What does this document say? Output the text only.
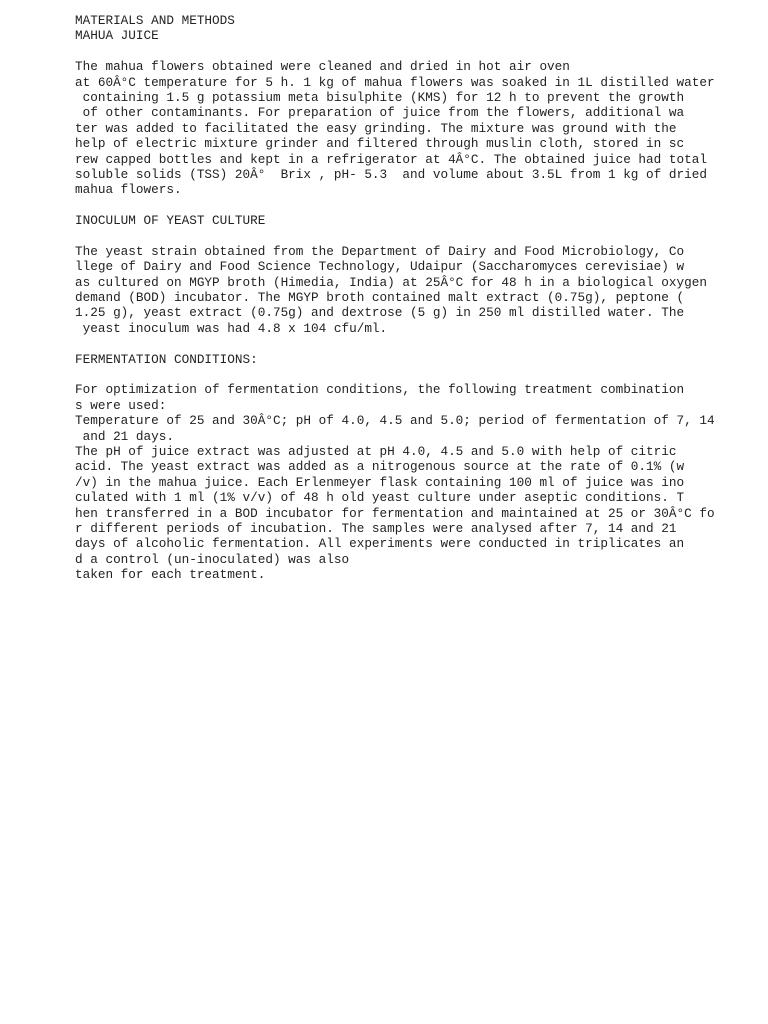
MATERIALS AND METHODS
MAHUA JUICE
The mahua flowers obtained were cleaned and dried in hot air oven
at 60Â°C temperature for 5 h. 1 kg of mahua flowers was soaked in 1L distilled water
containing 1.5 g potassium meta bisulphite (KMS) for 12 h to prevent the growth
of other contaminants. For preparation of juice from the flowers, additional wa
ter was added to facilitated the easy grinding. The mixture was ground with the
help of electric mixture grinder and filtered through muslin cloth, stored in sc
rew capped bottles and kept in a refrigerator at 4Â°C. The obtained juice had total
soluble solids (TSS) 20Â°  Brix , pH- 5.3  and volume about 3.5L from 1 kg of dried
mahua flowers.
INOCULUM OF YEAST CULTURE
The yeast strain obtained from the Department of Dairy and Food Microbiology, Co
llege of Dairy and Food Science Technology, Udaipur (Saccharomyces cerevisiae) w
as cultured on MGYP broth (Himedia, India) at 25Â°C for 48 h in a biological oxygen
demand (BOD) incubator. The MGYP broth contained malt extract (0.75g), peptone (
1.25 g), yeast extract (0.75g) and dextrose (5 g) in 250 ml distilled water. The
yeast inoculum was had 4.8 x 104 cfu/ml.
FERMENTATION CONDITIONS:
For optimization of fermentation conditions, the following treatment combination
s were used:
Temperature of 25 and 30Â°C; pH of 4.0, 4.5 and 5.0; period of fermentation of 7, 14
and 21 days.
The pH of juice extract was adjusted at pH 4.0, 4.5 and 5.0 with help of citric
acid. The yeast extract was added as a nitrogenous source at the rate of 0.1% (w
/v) in the mahua juice. Each Erlenmeyer flask containing 100 ml of juice was ino
culated with 1 ml (1% v/v) of 48 h old yeast culture under aseptic conditions. T
hen transferred in a BOD incubator for fermentation and maintained at 25 or 30Â°C fo
r different periods of incubation. The samples were analysed after 7, 14 and 21
days of alcoholic fermentation. All experiments were conducted in triplicates an
d a control (un-inoculated) was also
taken for each treatment.
